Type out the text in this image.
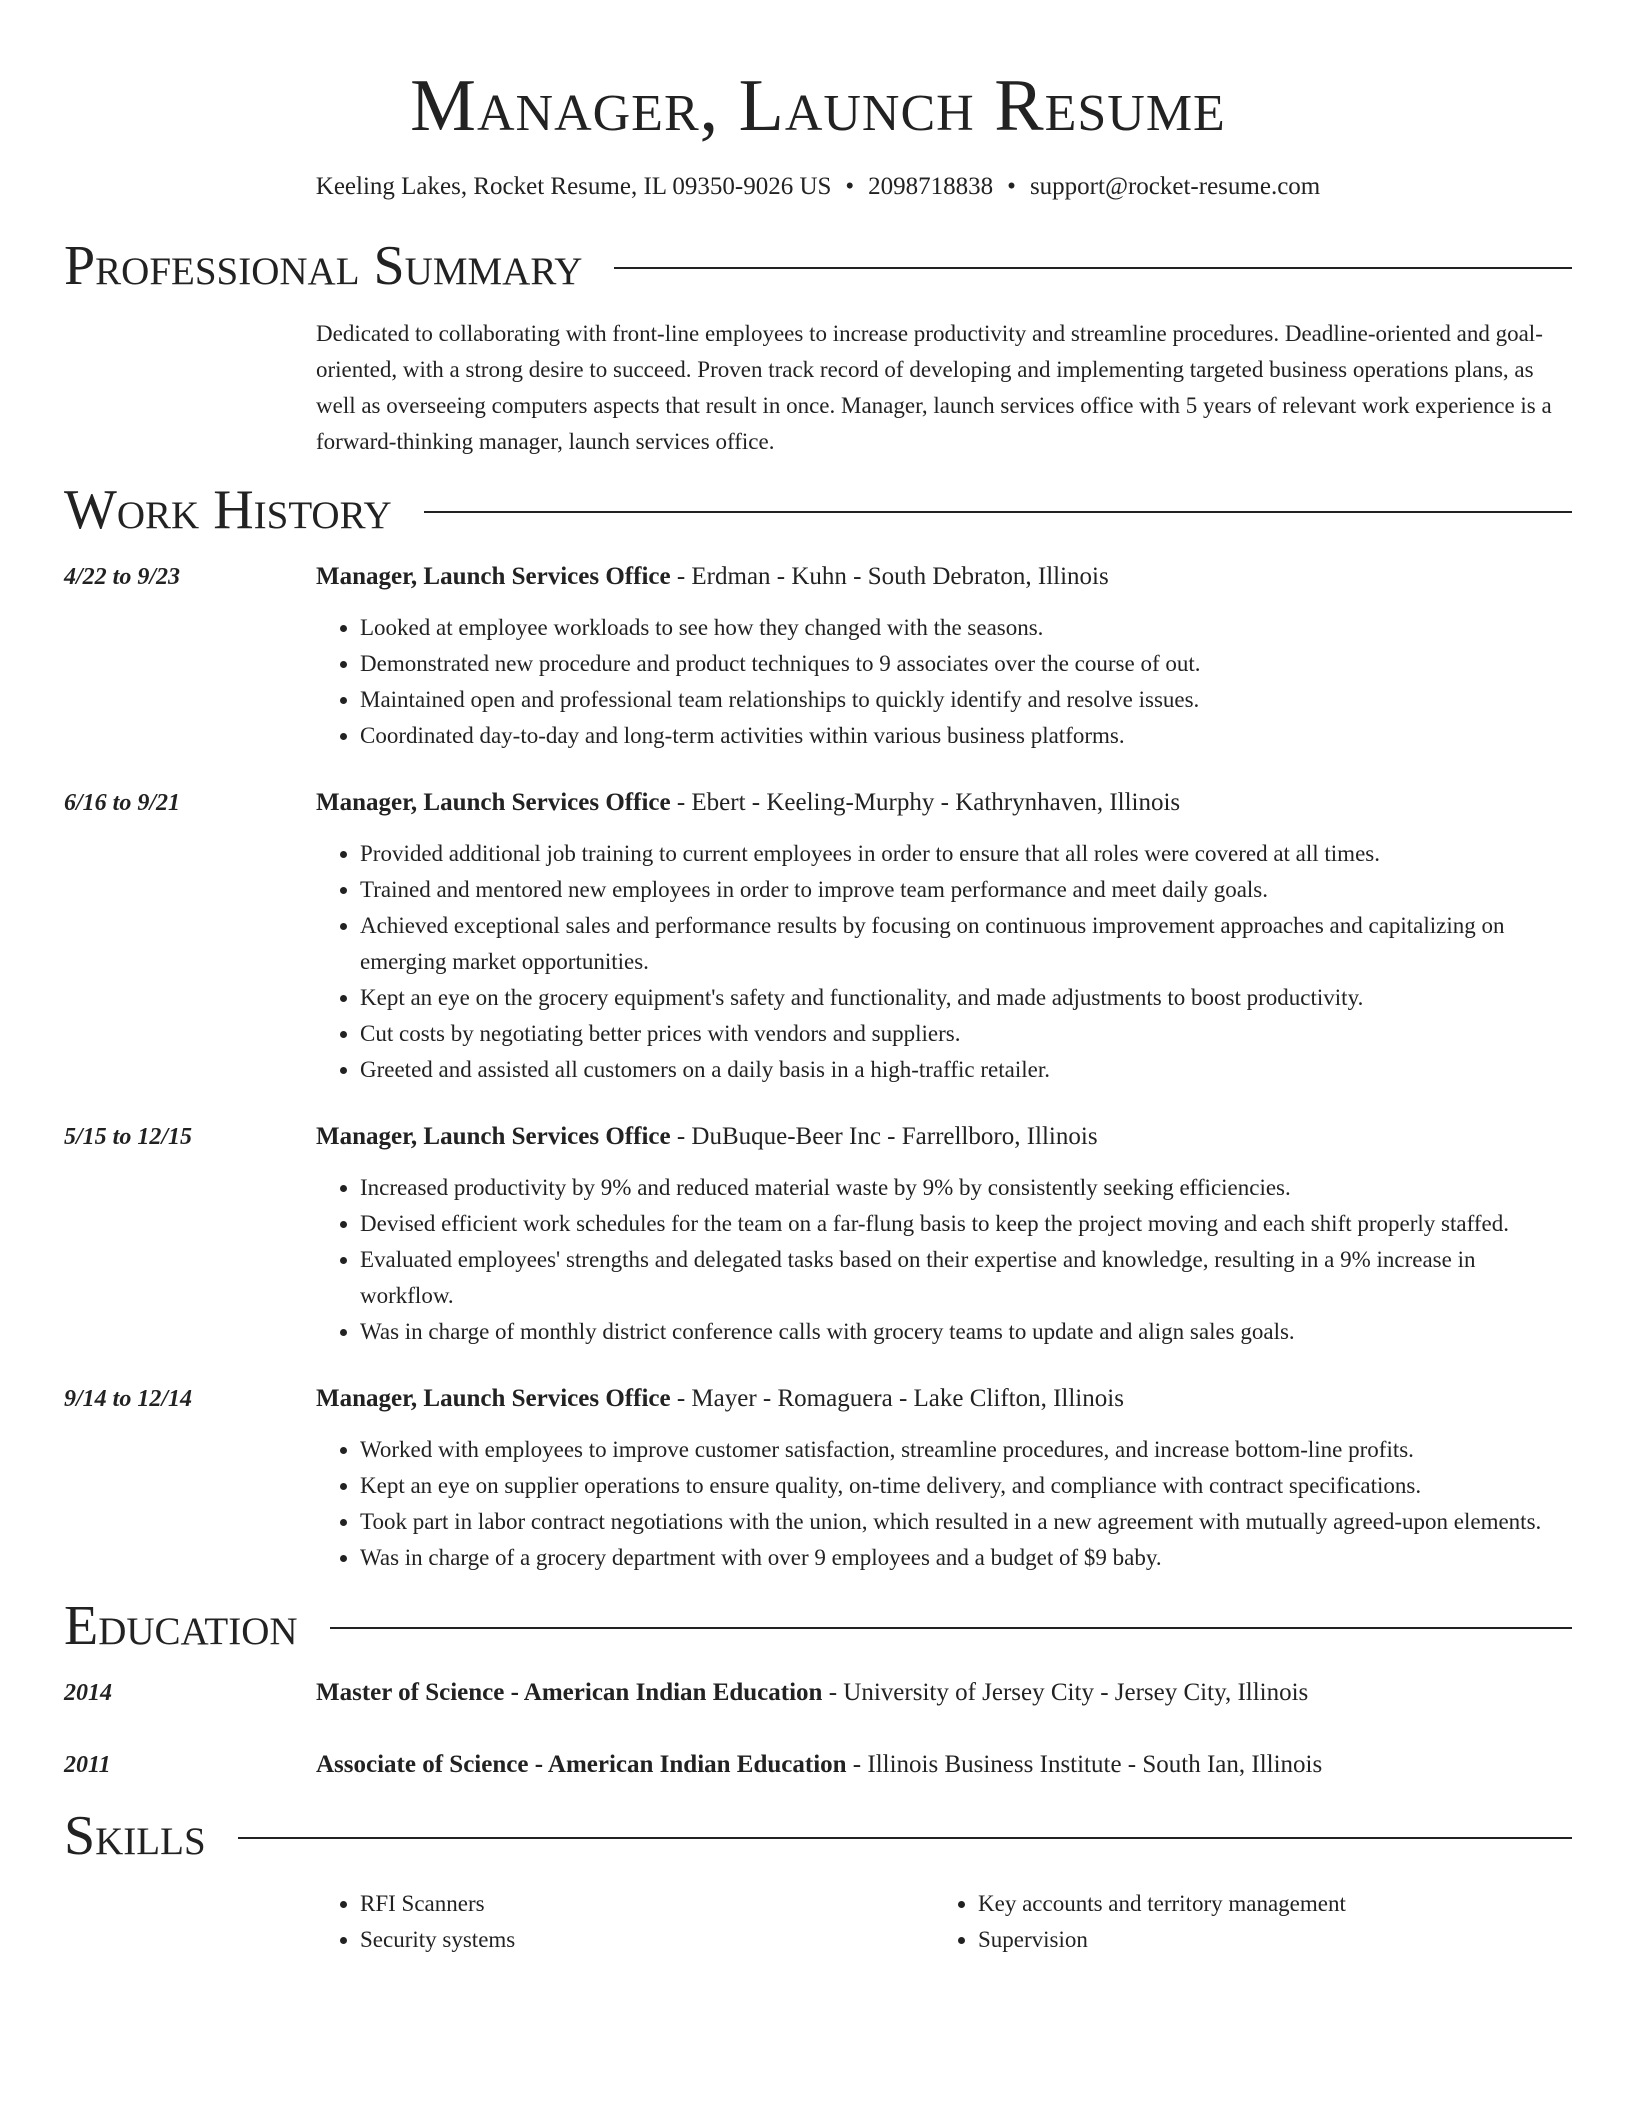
Manager, Launch Resume
Keeling Lakes, Rocket Resume, IL 09350-9026 US • 2098718838 • support@rocket-resume.com
Professional Summary

Dedicated to collaborating with front-line employees to increase productivity and streamline procedures. Deadline-oriented and goal-oriented, with a strong desire to succeed. Proven track record of developing and implementing targeted business operations plans, as well as overseeing computers aspects that result in once. Manager, launch services office with 5 years of relevant work experience is a forward-thinking manager, launch services office.

Work History
4/22 to 9/23	Manager, Launch Services Office - Erdman - Kuhn - South Debraton, Illinois
• Looked at employee workloads to see how they changed with the seasons.
• Demonstrated new procedure and product techniques to 9 associates over the course of out.
• Maintained open and professional team relationships to quickly identify and resolve issues.
• Coordinated day-to-day and long-term activities within various business platforms.
6/16 to 9/21	Manager, Launch Services Office - Ebert - Keeling-Murphy - Kathrynhaven, Illinois
• Provided additional job training to current employees in order to ensure that all roles were covered at all times.
• Trained and mentored new employees in order to improve team performance and meet daily goals.
• Achieved exceptional sales and performance results by focusing on continuous improvement approaches and capitalizing on emerging market opportunities.
• Kept an eye on the grocery equipment's safety and functionality, and made adjustments to boost productivity.
• Cut costs by negotiating better prices with vendors and suppliers.
• Greeted and assisted all customers on a daily basis in a high-traffic retailer.
5/15 to 12/15	Manager, Launch Services Office - DuBuque-Beer Inc - Farrellboro, Illinois
• Increased productivity by 9% and reduced material waste by 9% by consistently seeking efficiencies.
• Devised efficient work schedules for the team on a far-flung basis to keep the project moving and each shift properly staffed.
• Evaluated employees' strengths and delegated tasks based on their expertise and knowledge, resulting in a 9% increase in workflow.
• Was in charge of monthly district conference calls with grocery teams to update and align sales goals.
9/14 to 12/14	Manager, Launch Services Office - Mayer - Romaguera - Lake Clifton, Illinois
• Worked with employees to improve customer satisfaction, streamline procedures, and increase bottom-line profits.
• Kept an eye on supplier operations to ensure quality, on-time delivery, and compliance with contract specifications.
• Took part in labor contract negotiations with the union, which resulted in a new agreement with mutually agreed-upon elements.
• Was in charge of a grocery department with over 9 employees and a budget of $9 baby.
Education
2014	Master of Science - American Indian Education - University of Jersey City - Jersey City, Illinois
2011	Associate of Science - American Indian Education - Illinois Business Institute - South Ian, Illinois
Skills
• RFI Scanners
• Security systems
• Key accounts and territory management
• Supervision
